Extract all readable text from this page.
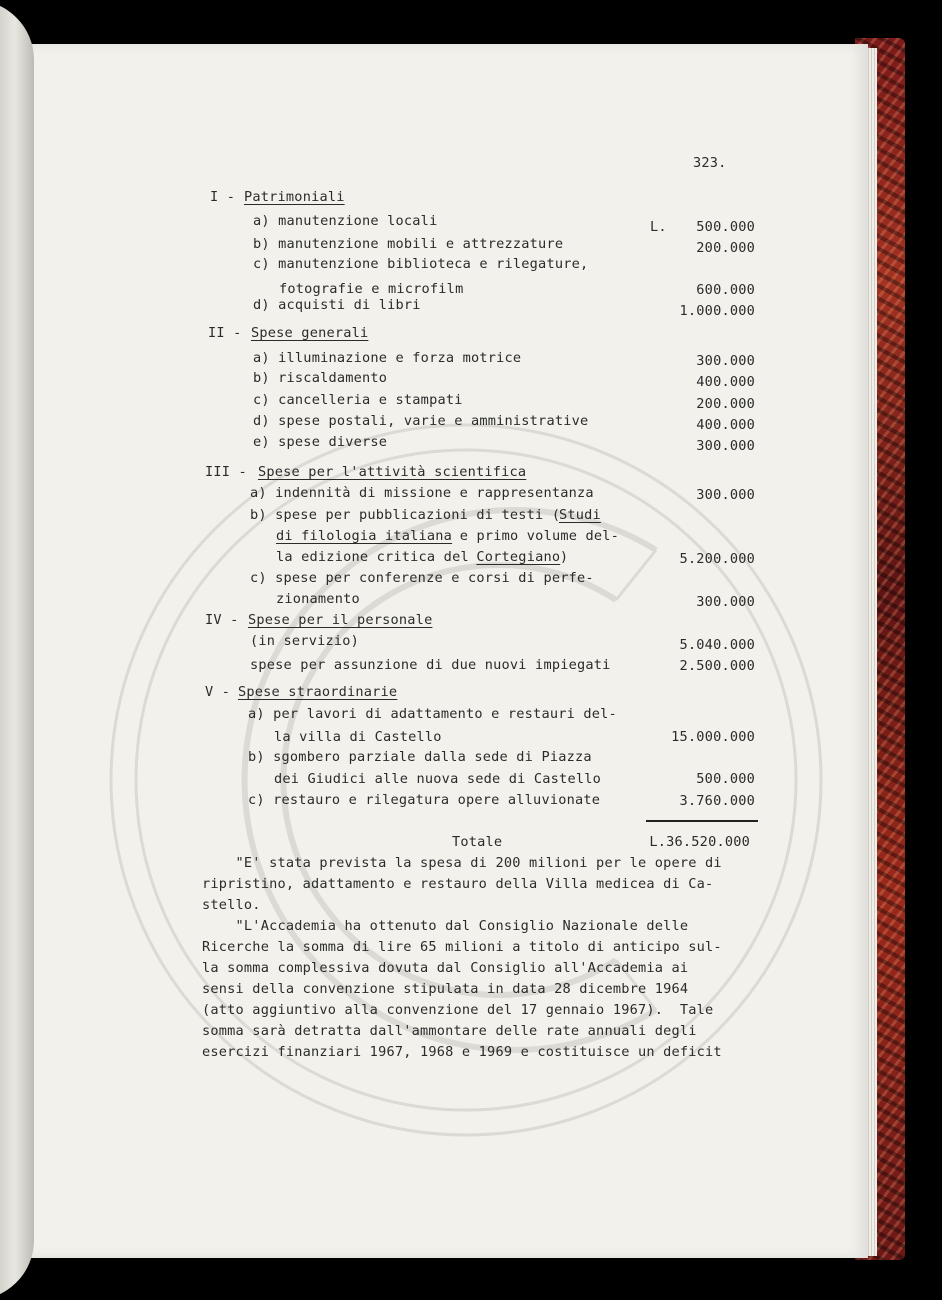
323.
I - Patrimoniali
a) manutenzione locali	L. 500.000
b) manutenzione mobili e attrezzature	200.000
c) manutenzione biblioteca e rilegature,
fotografie e microfilm	600.000
d) acquisti di libri	1.000.000
II - Spese generali
a) illuminazione e forza motrice	300.000
b) riscaldamento	400.000
c) cancelleria e stampati	200.000
d) spese postali, varie e amministrative	400.000
e) spese diverse	300.000
III - Spese per l'attività scientifica
a) indennità di missione e rappresentanza	300.000
b) spese per pubblicazioni di testi (
Studi
di filologia italiana e primo volume del-
la edizione critica del Cortegiano )	5.200.000
c) spese per conferenze e corsi di perfe-
zionamento	300.000
IV - Spese per il personale
(in servizio)	5.040.000
spese per assunzione di due nuovi impiegati	2.500.000
V - Spese straordinarie
a) per lavori di adattamento e restauri del-
la villa di Castello	15.000.000
b) sgombero parziale dalla sede di Piazza
dei Giudici alle nuova sede di Castello	500.000
c) restauro e rilegatura opere alluvionate	3.760.000
Totale	L.36.520.000
"E' stata prevista la spesa di 200 milioni per le opere di
ripristino, adattamento e restauro della Villa medicea di Ca-
stello.
"L'Accademia ha ottenuto dal Consiglio Nazionale delle
Ricerche la somma di lire 65 milioni a titolo di anticipo sul-
la somma complessiva dovuta dal Consiglio all'Accademia ai
sensi della convenzione stipulata in data 28 dicembre 1964
(atto aggiuntivo alla convenzione del 17 gennaio 1967).  Tale
somma sarà detratta dall'ammontare delle rate annuali degli
esercizi finanziari 1967, 1968 e 1969 e costituisce un deficit
